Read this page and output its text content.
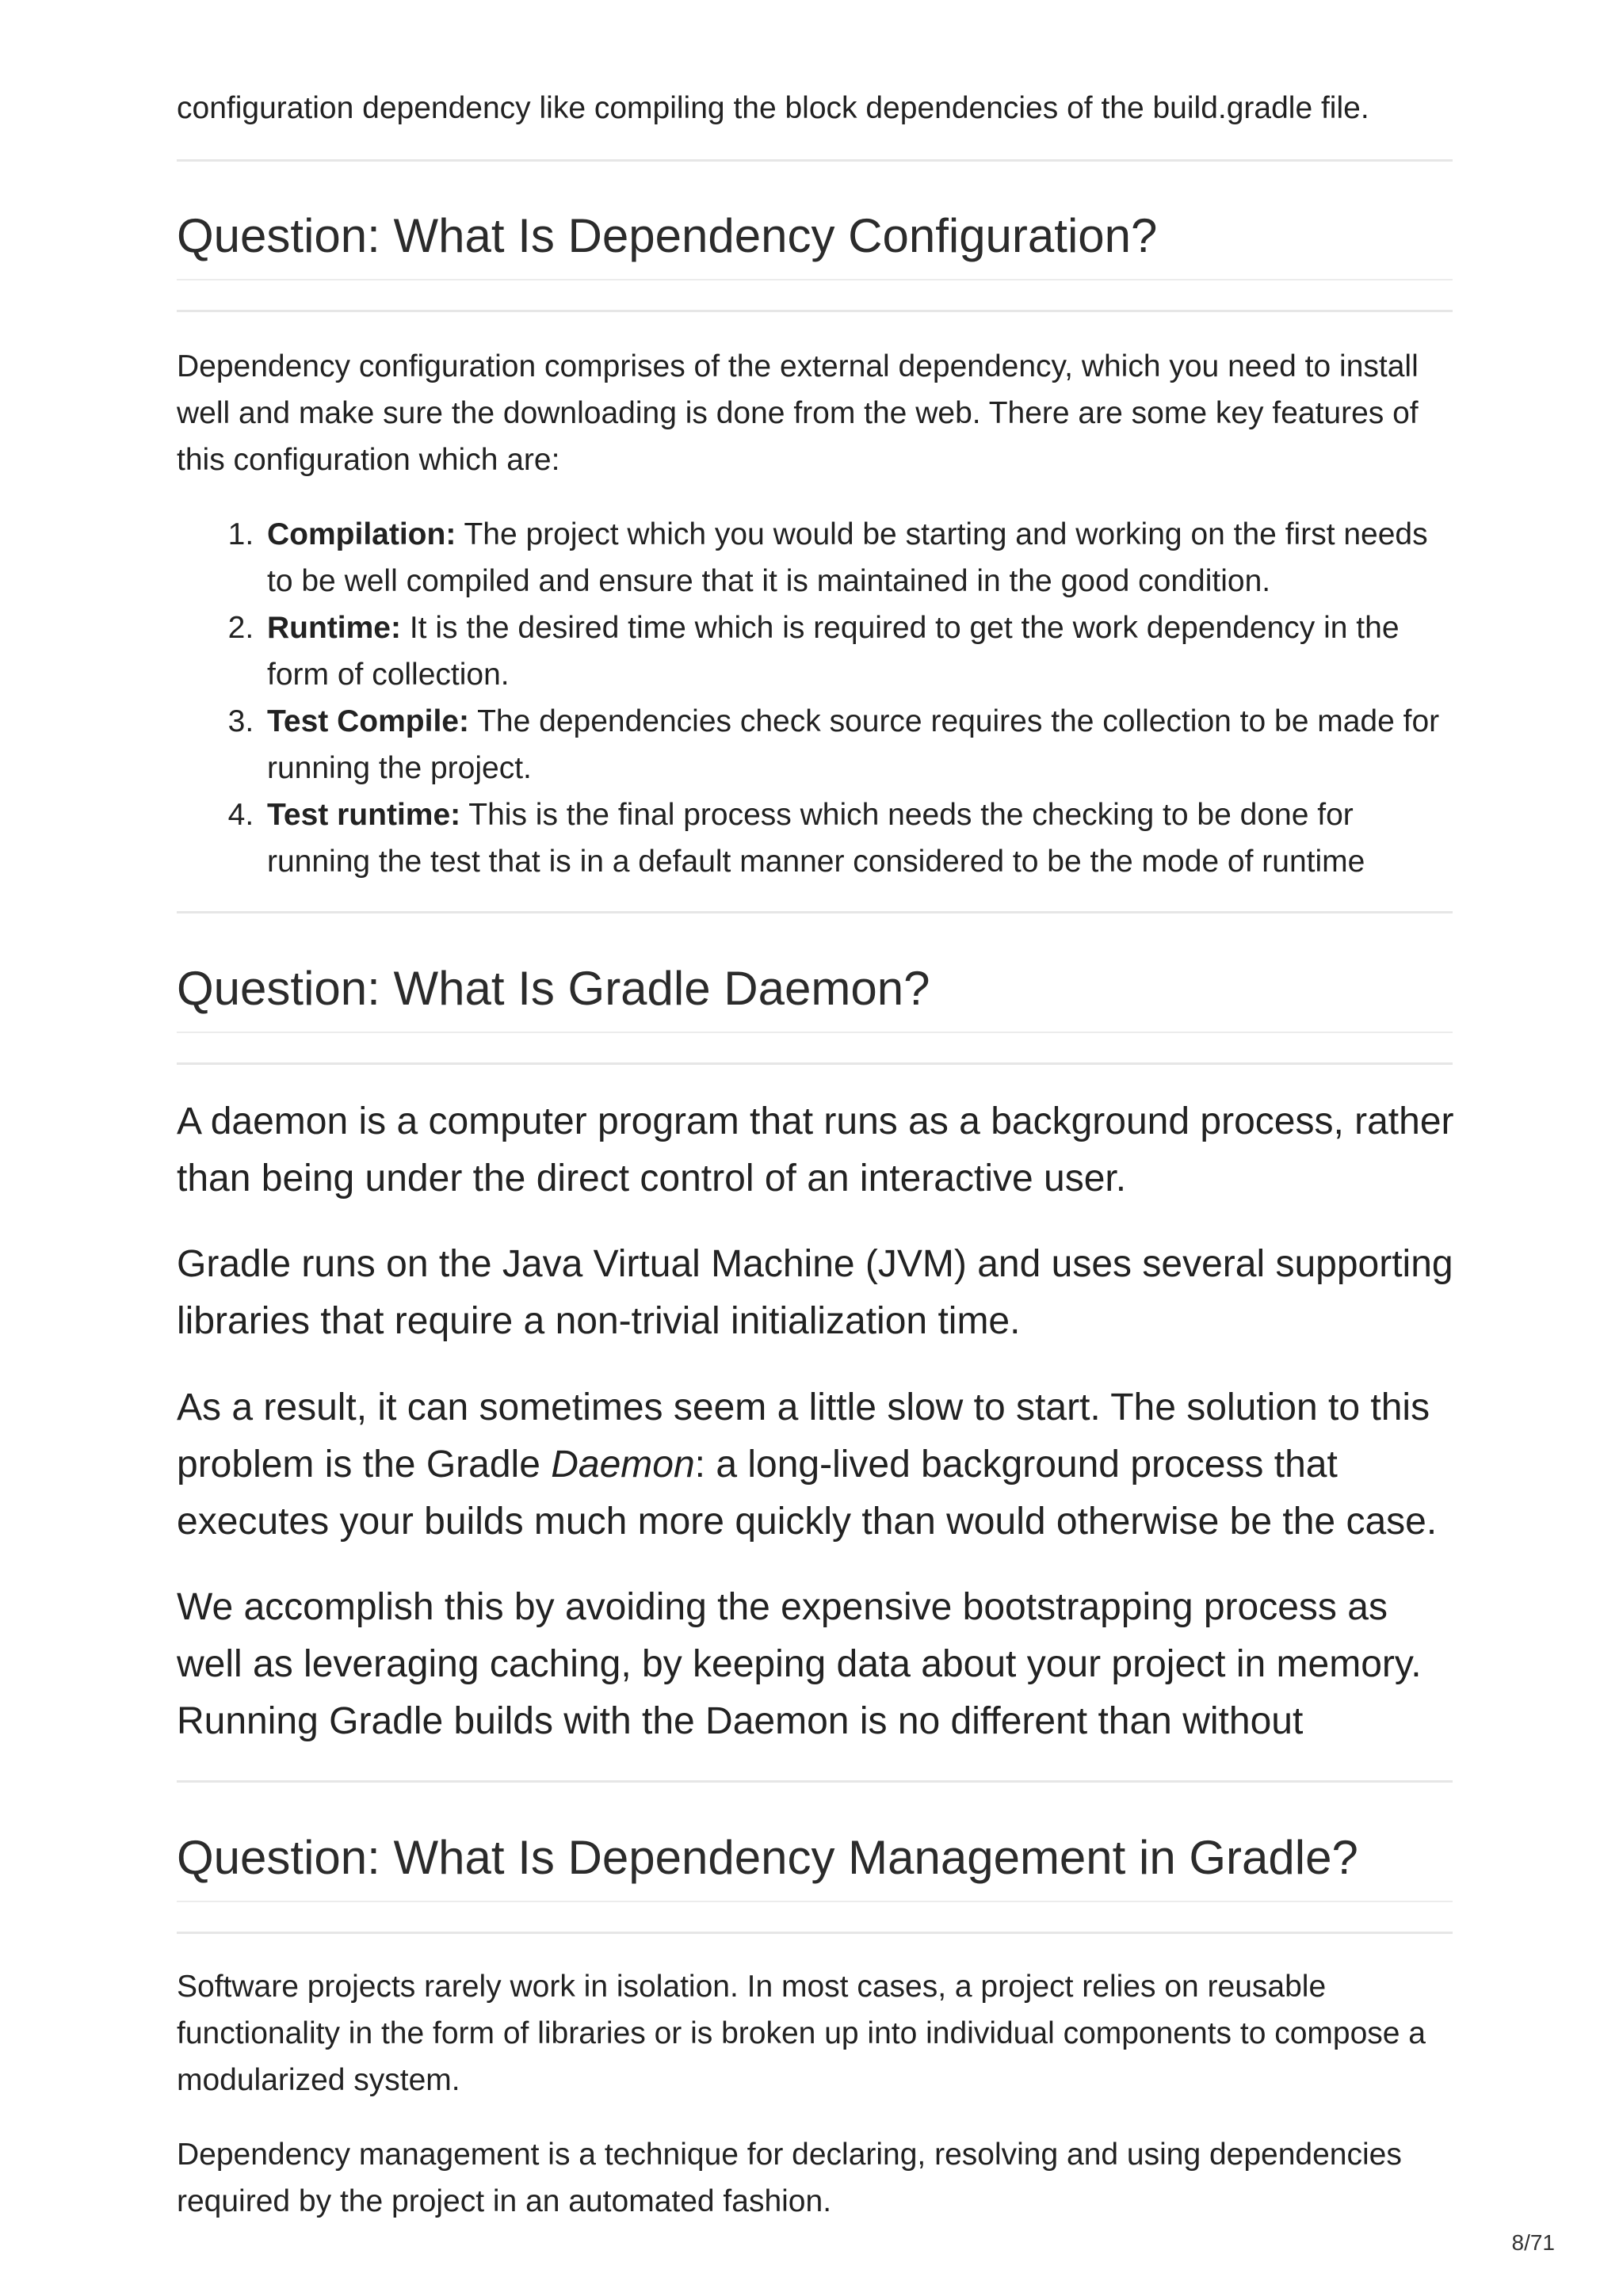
configuration dependency like compiling the block dependencies of the build.gradle file.

Question: What Is Dependency Configuration?

Dependency configuration comprises of the external dependency, which you need to install well and make sure the downloading is done from the web. There are some key features of this configuration which are:

1. Compilation: The project which you would be starting and working on the first needs to be well compiled and ensure that it is maintained in the good condition.
2. Runtime: It is the desired time which is required to get the work dependency in the form of collection.
3. Test Compile: The dependencies check source requires the collection to be made for running the project.
4. Test runtime: This is the final process which needs the checking to be done for running the test that is in a default manner considered to be the mode of runtime
Question: What Is Gradle Daemon?

A daemon is a computer program that runs as a background process, rather than being under the direct control of an interactive user.

Gradle runs on the Java Virtual Machine (JVM) and uses several supporting libraries that require a non-trivial initialization time.

As a result, it can sometimes seem a little slow to start. The solution to this problem is the Gradle Daemon: a long-lived background process that executes your builds much more quickly than would otherwise be the case.

We accomplish this by avoiding the expensive bootstrapping process as well as leveraging caching, by keeping data about your project in memory. Running Gradle builds with the Daemon is no different than without

Question: What Is Dependency Management in Gradle?

Software projects rarely work in isolation. In most cases, a project relies on reusable functionality in the form of libraries or is broken up into individual components to compose a modularized system.

Dependency management is a technique for declaring, resolving and using dependencies required by the project in an automated fashion.

8/71
